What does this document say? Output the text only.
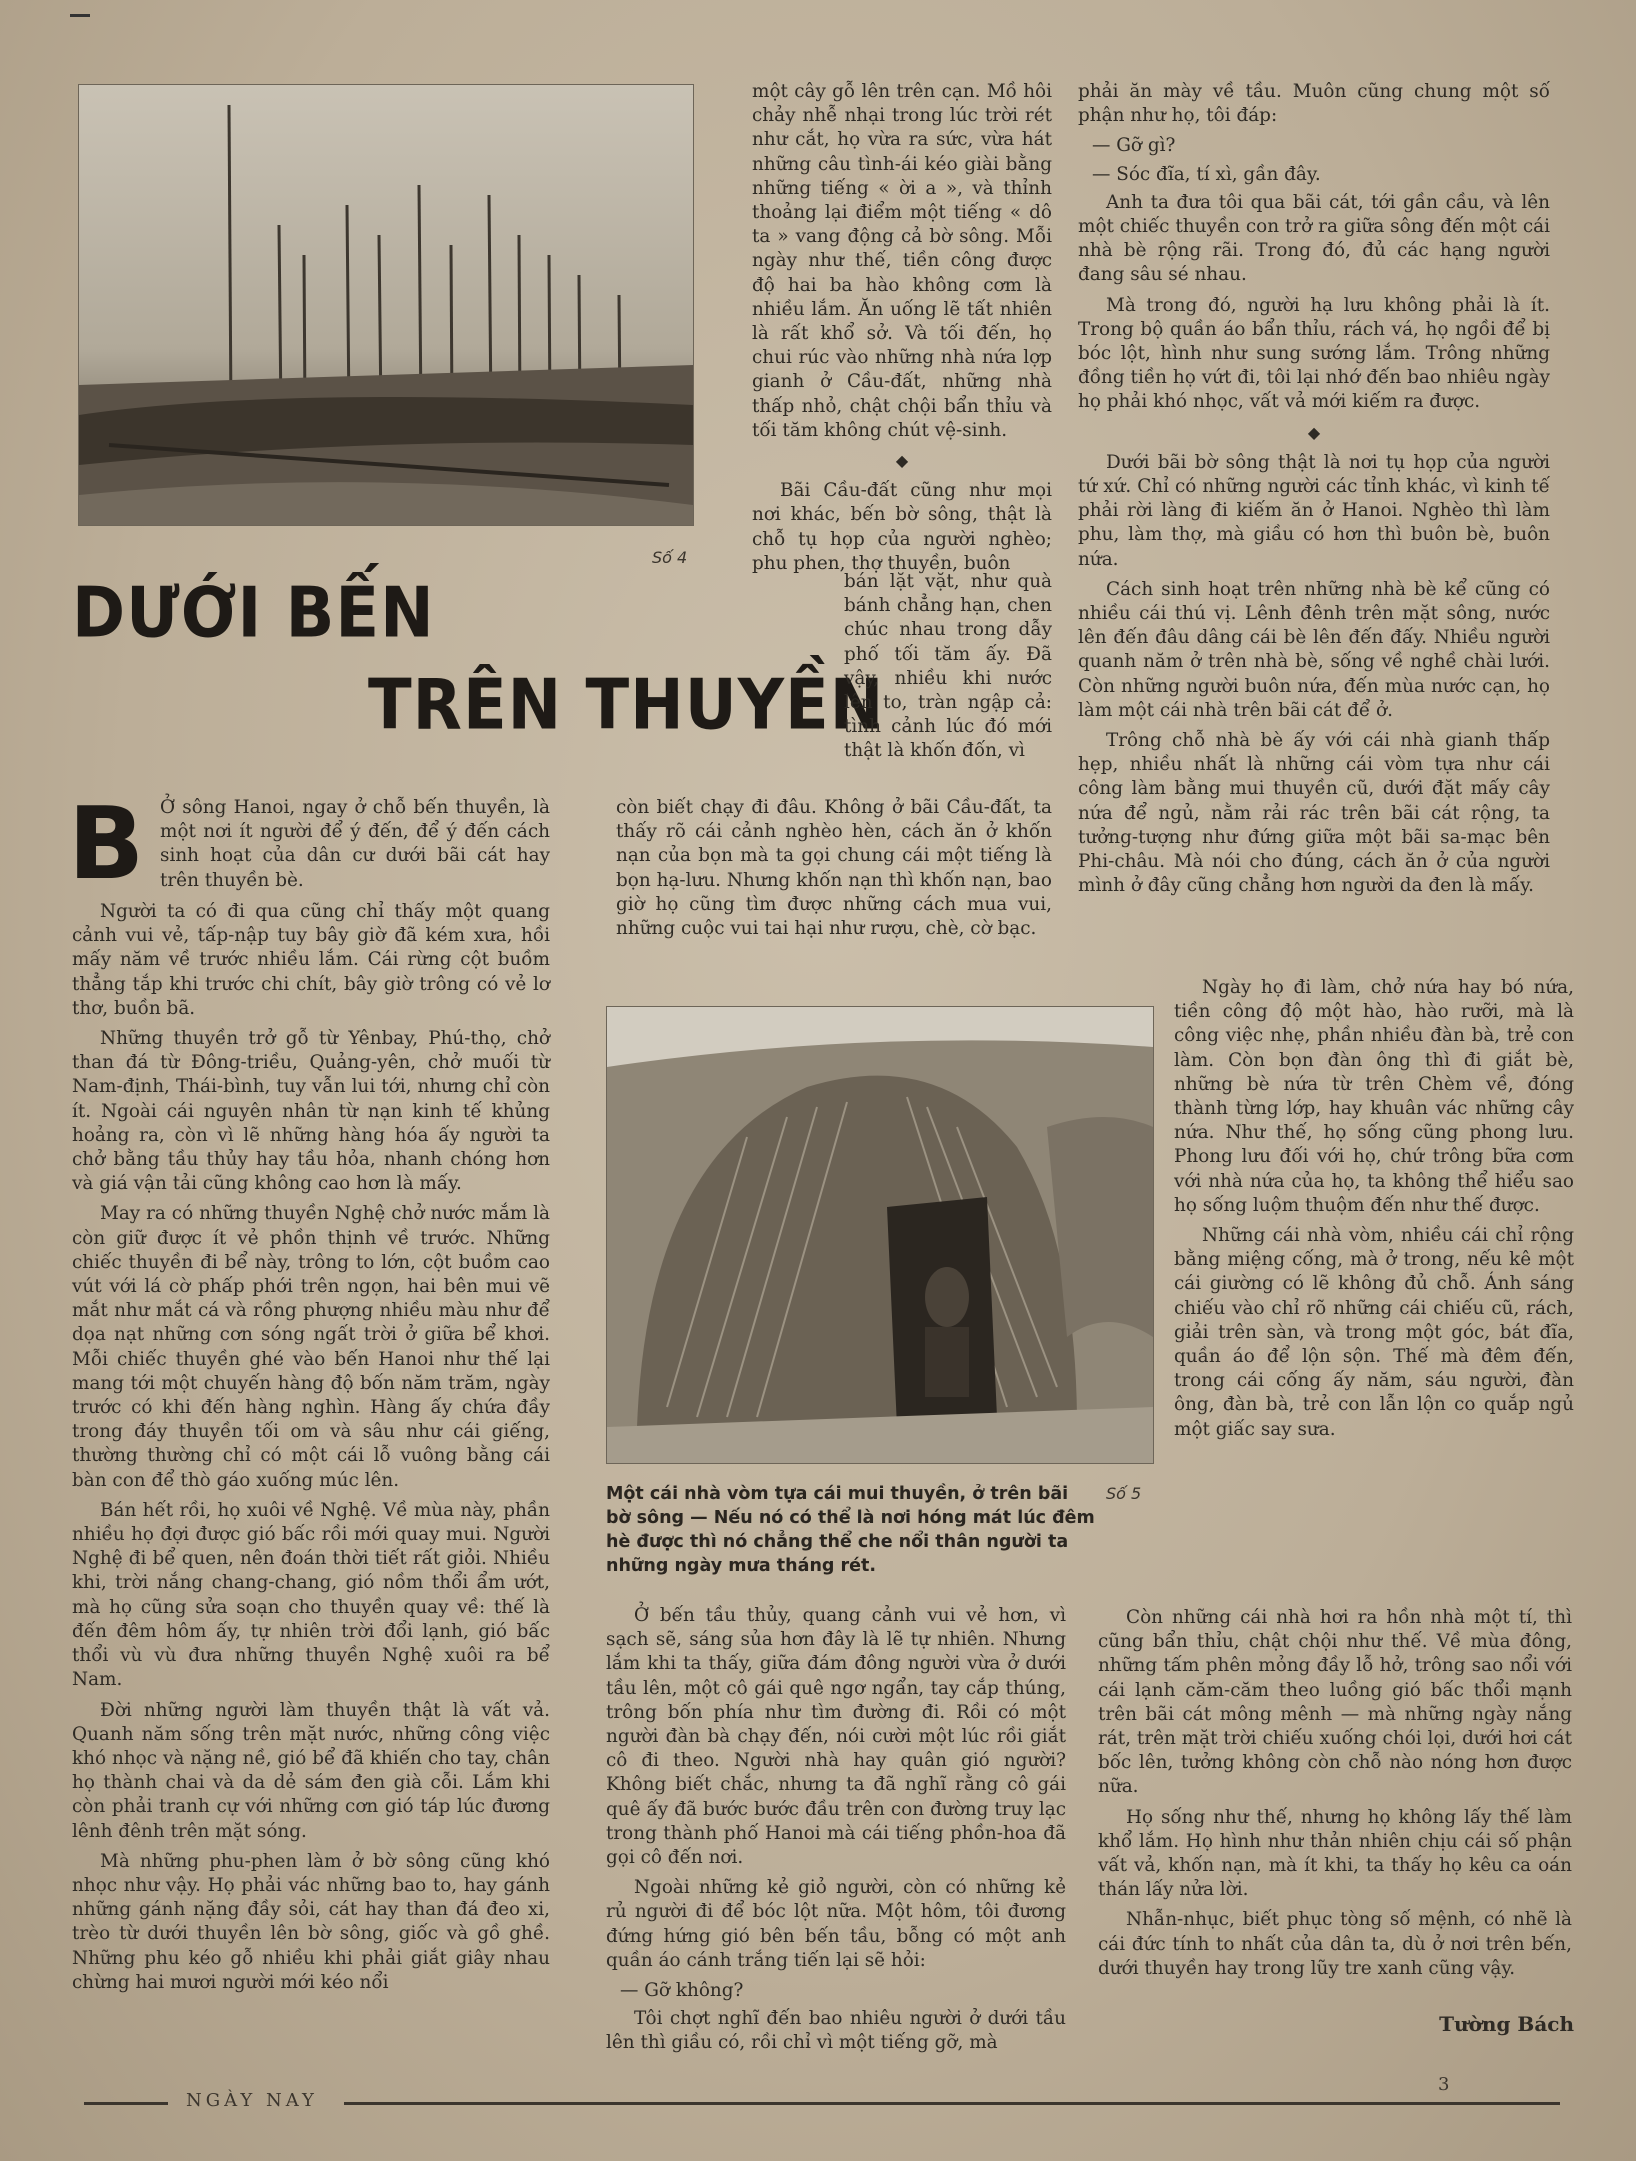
Số 4
DƯỚI BẾN
TRÊN THUYỀN
B Ở sông Hanoi, ngay ở chỗ bến thuyền, là một nơi ít người để ý đến, để ý đến cách sinh hoạt của dân cư dưới bãi cát hay trên thuyền bè.

Người ta có đi qua cũng chỉ thấy một quang cảnh vui vẻ, tấp-nập tuy bây giờ đã kém xưa, hồi mấy năm về trước nhiều lắm. Cái rừng cột buồm thẳng tắp khi trước chi chít, bây giờ trông có vẻ lơ thơ, buồn bã.

Những thuyền trở gỗ từ Yênbay, Phú-thọ, chở than đá từ Đông-triều, Quảng-yên, chở muối từ Nam-định, Thái-bình, tuy vẫn lui tới, nhưng chỉ còn ít. Ngoài cái nguyên nhân từ nạn kinh tế khủng hoảng ra, còn vì lẽ những hàng hóa ấy người ta chở bằng tầu thủy hay tầu hỏa, nhanh chóng hơn và giá vận tải cũng không cao hơn là mấy.

May ra có những thuyền Nghệ chở nước mắm là còn giữ được ít vẻ phồn thịnh về trước. Những chiếc thuyền đi bể này, trông to lớn, cột buồm cao vút với lá cờ phấp phới trên ngọn, hai bên mui vẽ mắt như mắt cá và rồng phượng nhiều màu như để dọa nạt những cơn sóng ngất trời ở giữa bể khơi. Mỗi chiếc thuyền ghé vào bến Hanoi như thế lại mang tới một chuyến hàng độ bốn năm trăm, ngày trước có khi đến hàng nghìn. Hàng ấy chứa đầy trong đáy thuyền tối om và sâu như cái giếng, thường thường chỉ có một cái lỗ vuông bằng cái bàn con để thò gáo xuống múc lên.

Bán hết rồi, họ xuôi về Nghệ. Về mùa này, phần nhiều họ đợi được gió bấc rồi mới quay mui. Người Nghệ đi bể quen, nên đoán thời tiết rất giỏi. Nhiều khi, trời nắng chang-chang, gió nồm thổi ẩm ướt, mà họ cũng sửa soạn cho thuyền quay về: thế là đến đêm hôm ấy, tự nhiên trời đổi lạnh, gió bấc thổi vù vù đưa những thuyền Nghệ xuôi ra bể Nam.

Đời những người làm thuyền thật là vất vả. Quanh năm sống trên mặt nước, những công việc khó nhọc và nặng nề, gió bể đã khiến cho tay, chân họ thành chai và da dẻ sám đen già cỗi. Lắm khi còn phải tranh cự với những cơn gió táp lúc đương lênh đênh trên mặt sóng.

Mà những phu-phen làm ở bờ sông cũng khó nhọc như vậy. Họ phải vác những bao to, hay gánh những gánh nặng đầy sỏi, cát hay than đá đeo xi, trèo từ dưới thuyền lên bờ sông, giốc và gồ ghề. Những phu kéo gỗ nhiều khi phải giắt giây nhau chừng hai mươi người mới kéo nổi

một cây gỗ lên trên cạn. Mồ hôi chảy nhễ nhại trong lúc trời rét như cắt, họ vừa ra sức, vừa hát những câu tình-ái kéo giài bằng những tiếng « ời a », và thỉnh thoảng lại điểm một tiếng « dô ta » vang động cả bờ sông. Mỗi ngày như thế, tiền công được độ hai ba hào không cơm là nhiều lắm. Ăn uống lẽ tất nhiên là rất khổ sở. Và tối đến, họ chui rúc vào những nhà nứa lợp gianh ở Cầu-đất, những nhà thấp nhỏ, chật chội bẩn thỉu và tối tăm không chút vệ-sinh.

◆

Bãi Cầu-đất cũng như mọi nơi khác, bến bờ sông, thật là chỗ tụ họp của người nghèo; phu phen, thợ thuyền, buôn

bán lặt vặt, như quà bánh chẳng hạn, chen chúc nhau trong dẫy phố tối tăm ấy. Đã vậy, nhiều khi nước lên to, tràn ngập cả: tình cảnh lúc đó mới thật là khốn đốn, vì

còn biết chạy đi đâu. Không ở bãi Cầu-đất, ta thấy rõ cái cảnh nghèo hèn, cách ăn ở khốn nạn của bọn mà ta gọi chung cái một tiếng là bọn hạ-lưu. Nhưng khốn nạn thì khốn nạn, bao giờ họ cũng tìm được những cách mua vui, những cuộc vui tai hại như rượu, chè, cờ bạc.

Số 5
Một cái nhà vòm tựa cái mui thuyền, ở trên bãi bờ sông — Nếu nó có thể là nơi hóng mát lúc đêm hè được thì nó chẳng thể che nổi thân người ta những ngày mưa tháng rét.

Ở bến tầu thủy, quang cảnh vui vẻ hơn, vì sạch sẽ, sáng sủa hơn đây là lẽ tự nhiên. Nhưng lắm khi ta thấy, giữa đám đông người vừa ở dưới tầu lên, một cô gái quê ngơ ngẩn, tay cắp thúng, trông bốn phía như tìm đường đi. Rồi có một người đàn bà chạy đến, nói cười một lúc rồi giắt cô đi theo. Người nhà hay quân gió người? Không biết chắc, nhưng ta đã nghĩ rằng cô gái quê ấy đã bước bước đầu trên con đường truy lạc trong thành phố Hanoi mà cái tiếng phồn-hoa đã gọi cô đến nơi.

Ngoài những kẻ giỏ người, còn có những kẻ rủ người đi để bóc lột nữa. Một hôm, tôi đương đứng hứng gió bên bến tầu, bỗng có một anh quần áo cánh trắng tiến lại sẽ hỏi:

— Gỡ không?

Tôi chợt nghĩ đến bao nhiêu người ở dưới tầu lên thì giầu có, rồi chỉ vì một tiếng gỡ, mà

phải ăn mày về tầu. Muôn cũng chung một số phận như họ, tôi đáp:

— Gỡ gì?

— Sóc đĩa, tí xì, gần đây.

Anh ta đưa tôi qua bãi cát, tới gần cầu, và lên một chiếc thuyền con trở ra giữa sông đến một cái nhà bè rộng rãi. Trong đó, đủ các hạng người đang sâu sé nhau.

Mà trong đó, người hạ lưu không phải là ít. Trong bộ quần áo bẩn thỉu, rách vá, họ ngồi để bị bóc lột, hình như sung sướng lắm. Trông những đồng tiền họ vứt đi, tôi lại nhớ đến bao nhiêu ngày họ phải khó nhọc, vất vả mới kiếm ra được.

◆

Dưới bãi bờ sông thật là nơi tụ họp của người tứ xứ. Chỉ có những người các tỉnh khác, vì kinh tế phải rời làng đi kiếm ăn ở Hanoi. Nghèo thì làm phu, làm thợ, mà giầu có hơn thì buôn bè, buôn nứa.

Cách sinh hoạt trên những nhà bè kể cũng có nhiều cái thú vị. Lênh đênh trên mặt sông, nước lên đến đâu dâng cái bè lên đến đấy. Nhiều người quanh năm ở trên nhà bè, sống về nghề chài lưới. Còn những người buôn nứa, đến mùa nước cạn, họ làm một cái nhà trên bãi cát để ở.

Trông chỗ nhà bè ấy với cái nhà gianh thấp hẹp, nhiều nhất là những cái vòm tựa như cái công làm bằng mui thuyền cũ, dưới đặt mấy cây nứa để ngủ, nằm rải rác trên bãi cát rộng, ta tưởng-tượng như đứng giữa một bãi sa-mạc bên Phi-châu. Mà nói cho đúng, cách ăn ở của người mình ở đây cũng chẳng hơn người da đen là mấy.

Ngày họ đi làm, chở nứa hay bó nứa, tiền công độ một hào, hào rưỡi, mà là công việc nhẹ, phần nhiều đàn bà, trẻ con làm. Còn bọn đàn ông thì đi giắt bè, những bè nứa từ trên Chèm về, đóng thành từng lớp, hay khuân vác những cây nứa. Như thế, họ sống cũng phong lưu. Phong lưu đối với họ, chứ trông bữa cơm với nhà nứa của họ, ta không thể hiểu sao họ sống luộm thuộm đến như thế được.

Những cái nhà vòm, nhiều cái chỉ rộng bằng miệng cống, mà ở trong, nếu kê một cái giường có lẽ không đủ chỗ. Ánh sáng chiếu vào chỉ rõ những cái chiếu cũ, rách, giải trên sàn, và trong một góc, bát đĩa, quần áo để lộn sộn. Thế mà đêm đến, trong cái cống ấy năm, sáu người, đàn ông, đàn bà, trẻ con lẫn lộn co quắp ngủ một giấc say sưa.

Còn những cái nhà hơi ra hồn nhà một tí, thì cũng bẩn thỉu, chật chội như thế. Về mùa đông, những tấm phên mỏng đầy lỗ hở, trông sao nổi với cái lạnh căm-căm theo luồng gió bấc thổi mạnh trên bãi cát mông mênh — mà những ngày nắng rát, trên mặt trời chiếu xuống chói lọi, dưới hơi cát bốc lên, tưởng không còn chỗ nào nóng hơn được nữa.

Họ sống như thế, nhưng họ không lấy thế làm khổ lắm. Họ hình như thản nhiên chịu cái số phận vất vả, khốn nạn, mà ít khi, ta thấy họ kêu ca oán thán lấy nửa lời.

Nhẫn-nhục, biết phục tòng số mệnh, có nhẽ là cái đức tính to nhất của dân ta, dù ở nơi trên bến, dưới thuyền hay trong lũy tre xanh cũng vậy.

Tường Bách
NGÀY NAY
3
